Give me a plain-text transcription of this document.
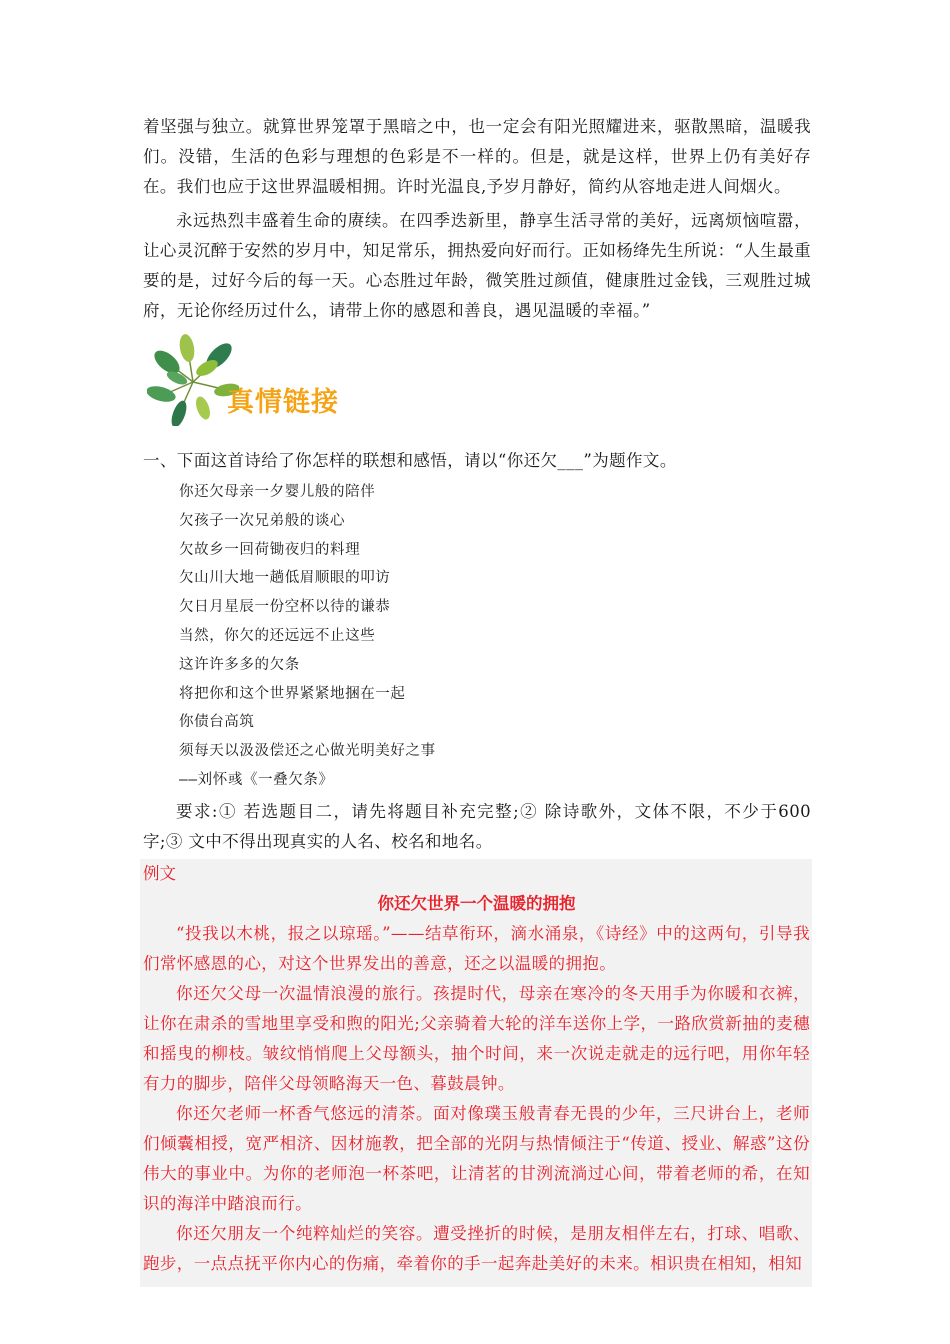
着坚强与独立。就算世界笼罩于黑暗之中，也一定会有阳光照耀进来，驱散黑暗，温暖我们。没错，生活的色彩与理想的色彩是不一样的。但是，就是这样，世界上仍有美好存在。我们也应于这世界温暖相拥。许时光温良,予岁月静好，简约从容地走进人间烟火。

永远热烈丰盛着生命的赓续。在四季迭新里，静享生活寻常的美好，远离烦恼喧嚣，让心灵沉醉于安然的岁月中，知足常乐，拥热爱向好而行。正如杨绛先生所说：“人生最重要的是，过好今后的每一天。心态胜过年龄，微笑胜过颜值，健康胜过金钱，三观胜过城府，无论你经历过什么，请带上你的感恩和善良，遇见温暖的幸福。”

真情链接

一、下面这首诗给了你怎样的联想和感悟，请以“你还欠___”为题作文。

你还欠母亲一夕婴儿般的陪伴

欠孩子一次兄弟般的谈心

欠故乡一回荷锄夜归的料理

欠山川大地一趟低眉顺眼的叩访

欠日月星辰一份空杯以待的谦恭

当然，你欠的还远远不止这些

这许许多多的欠条

将把你和这个世界紧紧地捆在一起

你债台高筑

须每天以汲汲偿还之心做光明美好之事

——刘怀彧《一叠欠条》

要求:① 若选题目二，请先将题目补充完整;② 除诗歌外，文体不限，不少于600字;③ 文中不得出现真实的人名、校名和地名。

例文

你还欠世界一个温暖的拥抱

“投我以木桃，报之以琼瑶。”——结草衔环，滴水涌泉，《诗经》中的这两句，引导我们常怀感恩的心，对这个世界发出的善意，还之以温暖的拥抱。

你还欠父母一次温情浪漫的旅行。孩提时代，母亲在寒冷的冬天用手为你暖和衣裤，让你在肃杀的雪地里享受和煦的阳光;父亲骑着大轮的洋车送你上学，一路欣赏新抽的麦穗和摇曳的柳枝。皱纹悄悄爬上父母额头，抽个时间，来一次说走就走的远行吧，用你年轻有力的脚步，陪伴父母领略海天一色、暮鼓晨钟。

你还欠老师一杯香气悠远的清茶。面对像璞玉般青春无畏的少年，三尺讲台上，老师们倾囊相授，宽严相济、因材施教，把全部的光阴与热情倾注于“传道、授业、解惑”这份伟大的事业中。为你的老师泡一杯茶吧，让清茗的甘洌流淌过心间，带着老师的希，在知识的海洋中踏浪而行。

你还欠朋友一个纯粹灿烂的笑容。遭受挫折的时候，是朋友相伴左右，打球、唱歌、跑步，一点点抚平你内心的伤痛，牵着你的手一起奔赴美好的未来。相识贵在相知，相知
